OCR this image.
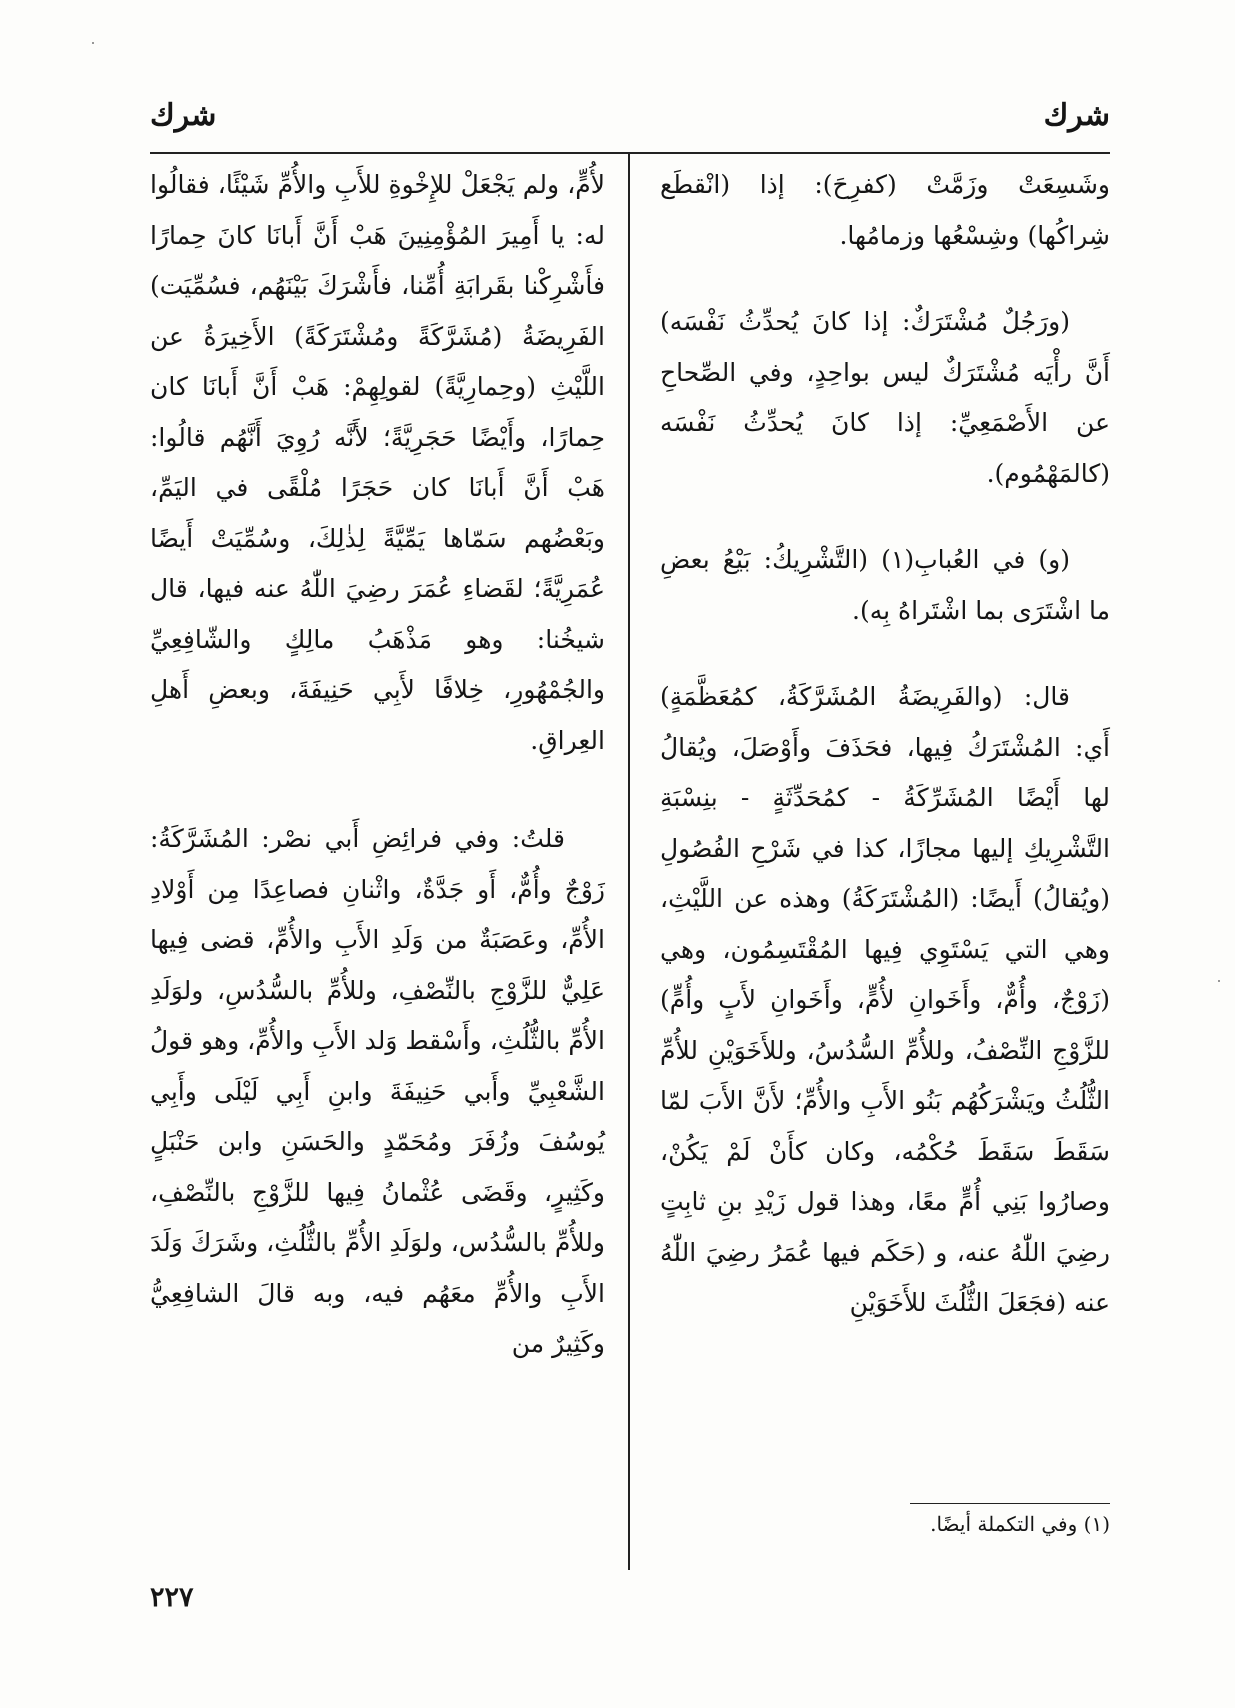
شرك
شرك

وشَسِعَتْ وزَمَّتْ (كفرِحَ): إذا (انْقطَع شِراكُها) وشِسْعُها وزمامُها.

(ورَجُلٌ مُشْتَرَكٌ: إذا كانَ يُحدِّثُ نَفْسَه) أَنَّ رأْيَه مُشْتَرَكٌ ليس بواحِدٍ، وفي الصِّحاحِ عن الأَصْمَعِيِّ: إذا كانَ يُحدِّثُ نَفْسَه (كالمَهْمُوم).

(و) في العُبابِ(١) (التَّشْرِيكُ: بَيْعُ بعضِ ما اشْتَرَى بما اشْتَراهُ بِه).

قال: (والفَرِيضَةُ المُشَرَّكَةُ، كمُعَظَّمَةٍ) أَي: المُشْتَرَكُ فِيها، فحَذَفَ وأَوْصَلَ، ويُقالُ لها أَيْضًا المُشَرِّكَةُ - كمُحَدِّثَةٍ - بنِسْبَةِ التَّشْرِيكِ إليها مجازًا، كذا في شَرْحِ الفُصُولِ (ويُقالُ) أَيضًا: (المُشْتَرَكَةُ) وهذه عن اللَّيْثِ، وهي التي يَسْتَوِي فِيها المُقْتَسِمُون، وهي (زَوْجٌ، وأُمٌّ، وأَخَوانِ لأُمٍّ، وأَخَوانِ لأَبٍ وأُمٍّ) للزَّوْجِ النِّصْفُ، وللأُمِّ السُّدُسُ، وللأَخَوَيْنِ للأُمِّ الثُّلُثُ ويَشْرَكُهُم بَنُو الأَبِ والأُمِّ؛ لأَنَّ الأَبَ لمّا سَقَطَ سَقَطَ حُكْمُه، وكان كأَنْ لَمْ يَكُنْ، وصارُوا بَنِي أُمٍّ معًا، وهذا قول زَيْدِ بنِ ثابِتٍ رضِيَ اللّٰهُ عنه، و (حَكَم فيها عُمَرُ رضِيَ اللّٰهُ عنه (فجَعَلَ الثُّلُثَ للأَخَوَيْنِ

لأُمٍّ، ولم يَجْعَلْ للإِخْوةِ للأَبِ والأُمِّ شَيْئًا، فقالُوا له: يا أَمِيرَ المُؤْمِنِينَ هَبْ أَنَّ أَبانَا كانَ حِمارًا فأَشْرِكْنا بقَرابَةِ أُمِّنا، فأَشْرَكَ بَيْنَهُم، فسُمِّيَت) الفَرِيضَةُ (مُشَرَّكَةً ومُشْتَرَكَةً) الأَخِيرَةُ عن اللَّيْثِ (وحِمارِيَّةً) لقولِهِمْ: هَبْ أَنَّ أَبانَا كان حِمارًا، وأَيْضًا حَجَرِيَّةً؛ لأَنَّه رُوِيَ أَنَّهُم قالُوا: هَبْ أَنَّ أَبانَا كان حَجَرًا مُلْقًى في اليَمِّ، وبَعْضُهم سَمّاها يَمِّيَّةً لِذٰلِكَ، وسُمِّيَتْ أَيضًا عُمَرِيَّةً؛ لقَضاءِ عُمَرَ رضِيَ اللّٰهُ عنه فيها، قال شيخُنا: وهو مَذْهَبُ مالِكٍ والشّافِعِيِّ والجُمْهُورِ، خِلافًا لأَبِي حَنِيفَةَ، وبعضِ أَهلِ العِراقِ.

قلتُ: وفي فرائِضِ أَبي نصْر: المُشَرَّكَةُ: زَوْجٌ وأُمٌّ، أَو جَدَّةٌ، واثْنانِ فصاعِدًا مِن أَوْلادِ الأُمِّ، وعَصَبَةٌ من وَلَدِ الأَبِ والأُمِّ، قضى فِيها عَلِيٌّ للزَّوْجِ بالنِّصْفِ، وللأُمِّ بالسُّدُسِ، ولوَلَدِ الأُمِّ بالثُّلُثِ، وأَسْقط وَلد الأَبِ والأُمِّ، وهو قولُ الشَّعْبِيِّ وأَبي حَنِيفَةَ وابنِ أَبِي لَيْلَى وأَبِي يُوسُفَ وزُفَرَ ومُحَمّدٍ والحَسَنِ وابن حَنْبَلٍ وكَثِيرٍ، وقَضَى عُثْمانُ فِيها للزَّوْجِ بالنِّصْفِ، وللأُمِّ بالسُّدُس، ولوَلَدِ الأُمِّ بالثُّلُثِ، وشَرَكَ وَلَدَ الأَبِ والأُمِّ معَهُم فيه، وبه قالَ الشافِعِيُّ وكَثِيرٌ من

(١) وفي التكملة أيضًا.
٢٢٧
